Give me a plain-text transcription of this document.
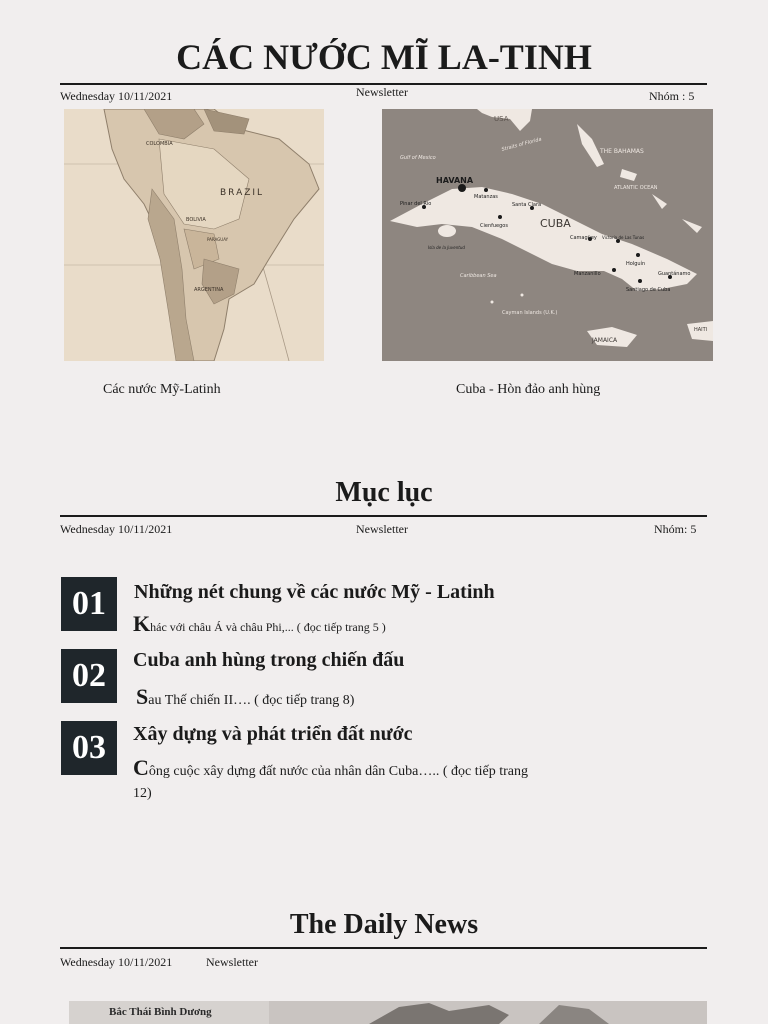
CÁC NƯỚC MĨ LA-TINH
Wednesday 10/11/2021	Newsletter	Nhóm : 5
BRAZIL
COLOMBIA
BOLIVIA
ARGENTINA
PARAGUAY
USA
HAVANA
CUBA
THE BAHAMAS
ATLANTIC OCEAN
Gulf of Mexico
Straits of Florida
Caribbean Sea
JAMAICA
HAITI
Cayman Islands (U.K.)
Matanzas
Santa Clara
Cienfuegos
Pinar del Rio
Isla de la Juventud
Camagüey Victoria de Las Tunas
Holguín
Manzanillo
Santiago de Cuba
Guantánamo
Các nước Mỹ-Latinh	Cuba - Hòn đảo anh hùng
Mục lục
Wednesday 10/11/2021	Newsletter	Nhóm: 5
01	Những nét chung về các nước Mỹ - Latinh
Khác với châu Á và châu Phi,... ( đọc tiếp trang 5 )
02	Cuba anh hùng trong chiến đấu
Sau Thế chiến II…. ( đọc tiếp trang 8)
03	Xây dựng và phát triển đất nước
Công cuộc xây dựng đất nước của nhân dân Cuba….. ( đọc tiếp trang 12)
The Daily News
Wednesday 10/11/2021	Newsletter
Bắc Thái Bình Dương
